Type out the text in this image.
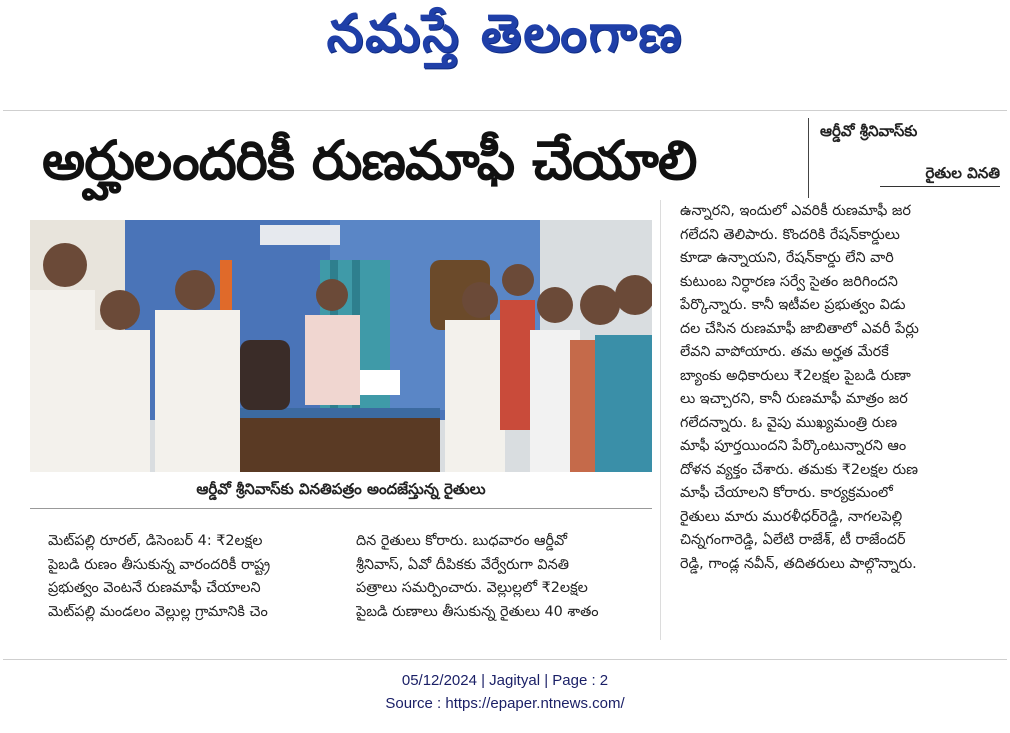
నమస్తే తెలంగాణ
అర్హులందరికీ రుణమాఫీ చేయాలి	ఆర్డీవో శ్రీనివాస్‌కు
రైతుల వినతి
ఆర్డీవో శ్రీనివాస్‌కు వినతిపత్రం అందజేస్తున్న రైతులు
మెట్‌పల్లి రూరల్, డిసెంబర్ 4: ₹2లక్షల
పైబడి రుణం తీసుకున్న వారందరికీ రాష్ట్ర
ప్రభుత్వం వెంటనే రుణమాఫీ చేయాలని
మెట్‌పల్లి మండలం వెల్లుల్ల గ్రామానికి చెం
దిన రైతులు కోరారు. బుధవారం ఆర్డీవో
శ్రీనివాస్, ఏవో దీపికకు వేర్వేరుగా వినతి
పత్రాలు సమర్పించారు. వెల్లుల్లలో ₹2లక్షల
పైబడి రుణాలు తీసుకున్న రైతులు 40 శాతం
ఉన్నారని, ఇందులో ఎవరికీ రుణమాఫీ జర
గలేదని తెలిపారు. కొందరికి రేషన్‌కార్డులు
కూడా ఉన్నాయని, రేషన్‌కార్డు లేని వారి
కుటుంబ నిర్ధారణ సర్వే సైతం జరిగిందని
పేర్కొన్నారు. కానీ ఇటీవల ప్రభుత్వం విడు
దల చేసిన రుణమాఫీ జాబితాలో ఎవరీ పేర్లు
లేవని వాపోయారు. తమ అర్హత మేరకే
బ్యాంకు అధికారులు ₹2లక్షల పైబడి రుణా
లు ఇచ్చారని, కానీ రుణమాఫీ మాత్రం జర
గలేదన్నారు. ఓ వైపు ముఖ్యమంత్రి రుణ
మాఫీ పూర్తయిందని పేర్కొంటున్నారని ఆం
దోళన వ్యక్తం చేశారు. తమకు ₹2లక్షల రుణ
మాఫీ చేయాలని కోరారు. కార్యక్రమంలో
రైతులు మారు మురళీధర్‌రెడ్డి, నాగలపెల్లి
చిన్నగంగారెడ్డి, ఏలేటి రాజేశ్, టీ రాజేందర్
రెడ్డి, గాండ్ల నవీన్, తదితరులు పాల్గొన్నారు.
05/12/2024 | Jagityal | Page : 2
Source : https://epaper.ntnews.com/
